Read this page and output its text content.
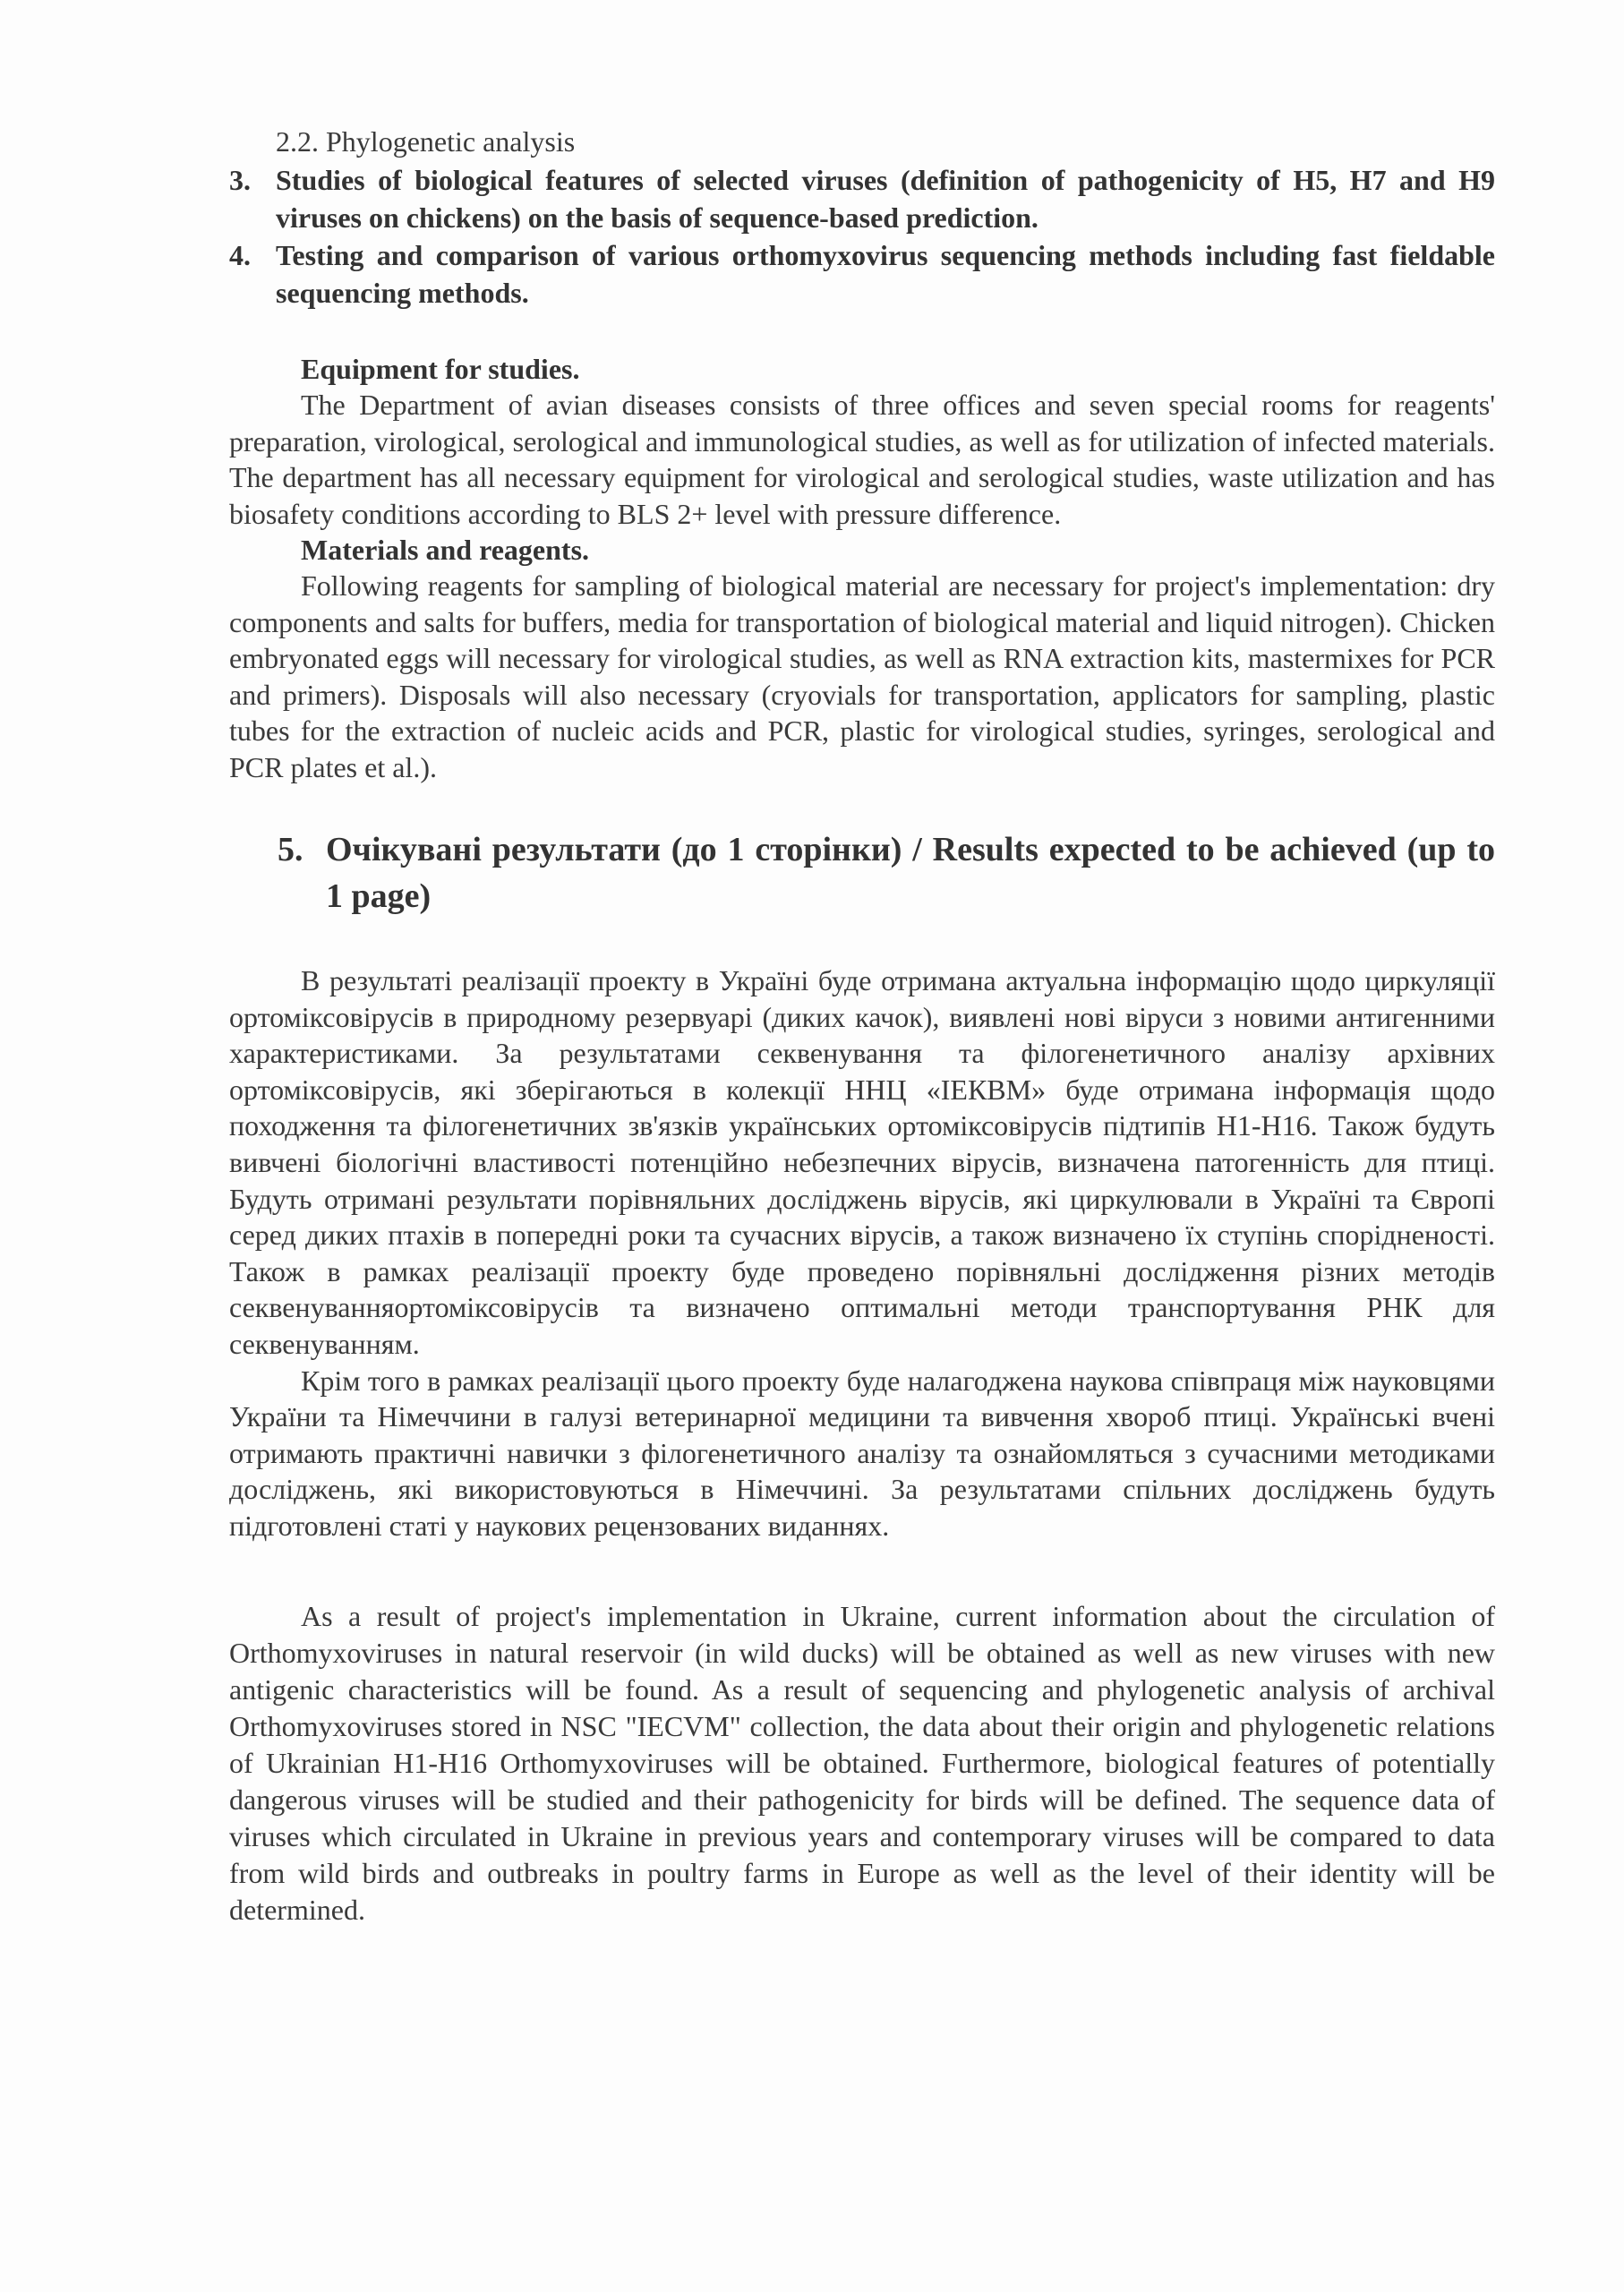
2.2. Phylogenetic analysis
3. Studies of biological features of selected viruses (definition of pathogenicity of H5, H7 and H9 viruses on chickens) on the basis of sequence-based prediction.
4. Testing and comparison of various orthomyxovirus sequencing methods including fast fieldable sequencing methods.
Equipment for studies.

The Department of avian diseases consists of three offices and seven special rooms for reagents' preparation, virological, serological and immunological studies, as well as for utilization of infected materials. The department has all necessary equipment for virological and serological studies, waste utilization and has biosafety conditions according to BLS 2+ level with pressure difference.

Materials and reagents.

Following reagents for sampling of biological material are necessary for project's implementation: dry components and salts for buffers, media for transportation of biological material and liquid nitrogen). Chicken embryonated eggs will necessary for virological studies, as well as RNA extraction kits, mastermixes for PCR and primers). Disposals will also necessary (cryovials for transportation, applicators for sampling, plastic tubes for the extraction of nucleic acids and PCR, plastic for virological studies, syringes, serological and PCR plates et al.).

5. Очікувані результати (до 1 сторінки) / Results expected to be achieved (up to 1 page)

В результаті реалізації проекту в Україні буде отримана актуальна інформацію щодо циркуляції ортоміксовірусів в природному резервуарі (диких качок), виявлені нові віруси з новими антигенними характеристиками. За результатами секвенування та філогенетичного аналізу архівних ортоміксовірусів, які зберігаються в колекції ННЦ «ІЕКВМ» буде отримана інформація щодо походження та філогенетичних зв'язків українських ортоміксовірусів підтипів Н1-Н16. Також будуть вивчені біологічні властивості потенційно небезпечних вірусів, визначена патогенність для птиці. Будуть отримані результати порівняльних досліджень вірусів, які циркулювали в Україні та Європі серед диких птахів в попередні роки та сучасних вірусів, а також визначено їх ступінь спорідненості. Також в рамках реалізації проекту буде проведено порівняльні дослідження різних методів секвенуванняортоміксовірусів та визначено оптимальні методи транспортування РНК для секвенуванням.

Крім того в рамках реалізації цього проекту буде налагоджена наукова співпраця між науковцями України та Німеччини в галузі ветеринарної медицини та вивчення хвороб птиці. Українські вчені отримають практичні навички з філогенетичного аналізу та ознайомляться з сучасними методиками досліджень, які використовуються в Німеччині. За результатами спільних досліджень будуть підготовлені статі у наукових рецензованих виданнях.

As a result of project's implementation in Ukraine, current information about the circulation of Orthomyxoviruses in natural reservoir (in wild ducks) will be obtained as well as new viruses with new antigenic characteristics will be found. As a result of sequencing and phylogenetic analysis of archival Orthomyxoviruses stored in NSC "IECVM" collection, the data about their origin and phylogenetic relations of Ukrainian H1-H16 Orthomyxoviruses will be obtained. Furthermore, biological features of potentially dangerous viruses will be studied and their pathogenicity for birds will be defined. The sequence data of viruses which circulated in Ukraine in previous years and contemporary viruses will be compared to data from wild birds and outbreaks in poultry farms in Europe as well as the level of their identity will be determined.
